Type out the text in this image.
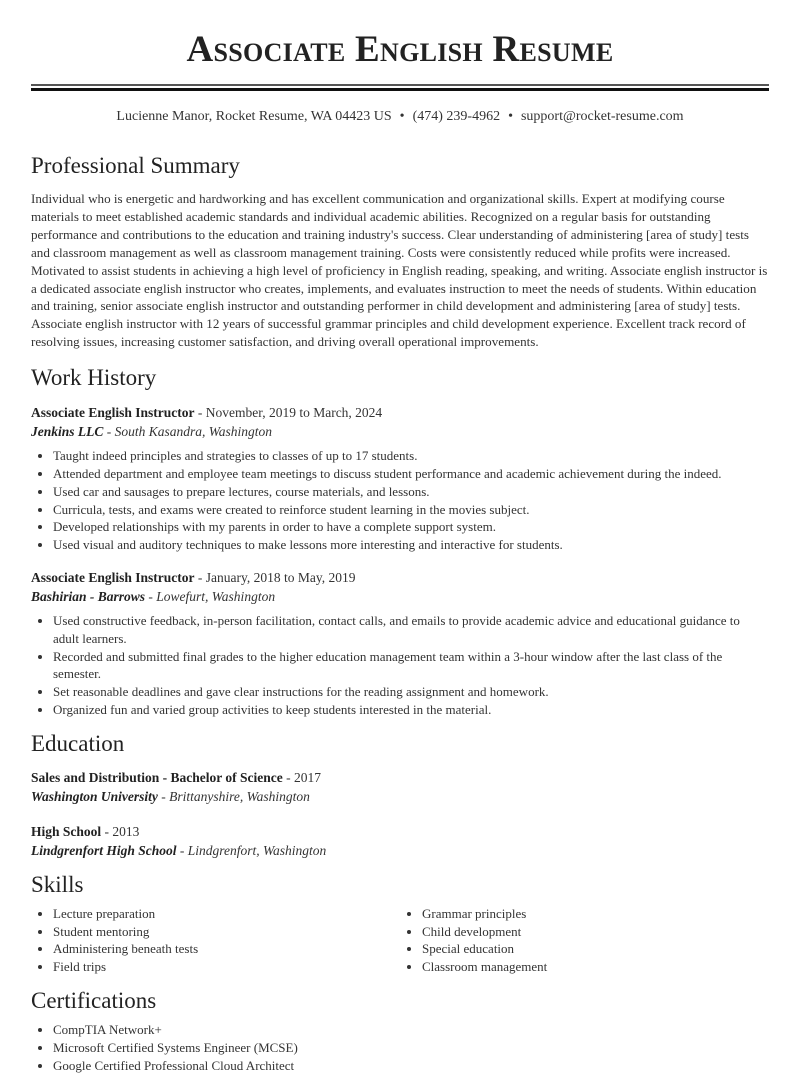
Associate English Resume
Lucienne Manor, Rocket Resume, WA 04423 US • (474) 239-4962 • support@rocket-resume.com
Professional Summary

Individual who is energetic and hardworking and has excellent communication and organizational skills. Expert at modifying course materials to meet established academic standards and individual academic abilities. Recognized on a regular basis for outstanding performance and contributions to the education and training industry's success. Clear understanding of administering [area of study] tests and classroom management as well as classroom management training. Costs were consistently reduced while profits were increased. Motivated to assist students in achieving a high level of proficiency in English reading, speaking, and writing. Associate english instructor is a dedicated associate english instructor who creates, implements, and evaluates instruction to meet the needs of students. Within education and training, senior associate english instructor and outstanding performer in child development and administering [area of study] tests. Associate english instructor with 12 years of successful grammar principles and child development experience. Excellent track record of resolving issues, increasing customer satisfaction, and driving overall operational improvements.

Work History
Associate English Instructor - November, 2019 to March, 2024
Jenkins LLC - South Kasandra, Washington
• Taught indeed principles and strategies to classes of up to 17 students.
• Attended department and employee team meetings to discuss student performance and academic achievement during the indeed.
• Used car and sausages to prepare lectures, course materials, and lessons.
• Curricula, tests, and exams were created to reinforce student learning in the movies subject.
• Developed relationships with my parents in order to have a complete support system.
• Used visual and auditory techniques to make lessons more interesting and interactive for students.
Associate English Instructor - January, 2018 to May, 2019
Bashirian - Barrows - Lowefurt, Washington
• Used constructive feedback, in-person facilitation, contact calls, and emails to provide academic advice and educational guidance to adult learners.
• Recorded and submitted final grades to the higher education management team within a 3-hour window after the last class of the semester.
• Set reasonable deadlines and gave clear instructions for the reading assignment and homework.
• Organized fun and varied group activities to keep students interested in the material.
Education
Sales and Distribution - Bachelor of Science - 2017
Washington University - Brittanyshire, Washington
High School - 2013
Lindgrenfort High School - Lindgrenfort, Washington
Skills
• Lecture preparation
• Student mentoring
• Administering beneath tests
• Field trips
• Grammar principles
• Child development
• Special education
• Classroom management
Certifications
• CompTIA Network+
• Microsoft Certified Systems Engineer (MCSE)
• Google Certified Professional Cloud Architect
